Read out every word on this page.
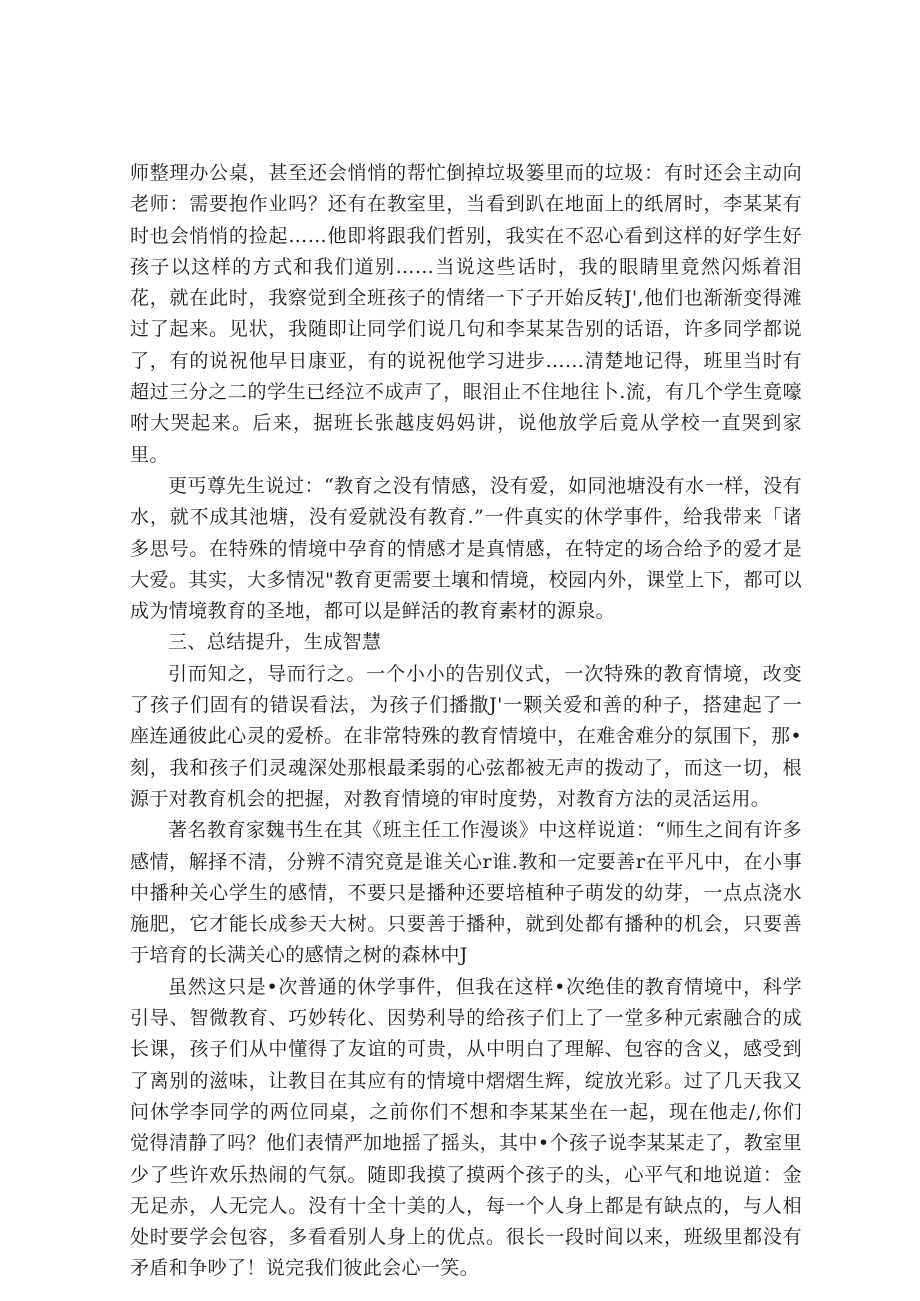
师整理办公桌，甚至还会悄悄的帮忙倒掉垃圾篓里而的垃圾：有时还会主动向老师：需要抱作业吗？还有在教室里，当看到趴在地面上的纸屑时，李某某有时也会悄悄的捡起……他即将跟我们哲别，我实在不忍心看到这样的好学生好孩子以这样的方式和我们道别……当说这些话时，我的眼睛里竟然闪烁着泪花，就在此时，我察觉到全班孩子的情绪一下子开始反转J',他们也渐渐变得滩过了起来。见状，我随即让同学们说几句和李某某告别的话语，许多同学都说了，有的说祝他早日康亚，有的说祝他学习进步……清楚地记得，班里当时有超过三分之二的学生已经泣不成声了，眼泪止不住地往卜.流，有几个学生竟嚎咐大哭起来。后来，据班长张越庋妈妈讲，说他放学后竟从学校一直哭到家里。

更丐尊先生说过：“教育之没有情感，没有爱，如同池塘没有水一样，没有水，就不成其池塘，没有爱就没有教育.”一件真实的休学事件，给我带来「诸多思号。在特殊的情境中孕育的情感才是真情感，在特定的场合给予的爱才是大爱。其实，大多情况"教育更需要土壤和情境，校园内外，课堂上下，都可以成为情境教育的圣地，都可以是鲜活的教育素材的源泉。

三、总结提升，生成智慧

引而知之，导而行之。一个小小的告别仪式，一次特殊的教育情境，改变了孩子们固有的错误看法，为孩子们播撒J'一颗关爱和善的种子，搭建起了一座连通彼此心灵的爱桥。在非常特殊的教育情境中，在难舍难分的氛围下，那•刻，我和孩子们灵魂深处那根最柔弱的心弦都被无声的拨动了，而这一切，根源于对教育机会的把握，对教育情境的审时度势，对教育方法的灵活运用。

著名教育家魏书生在其《班主任工作漫谈》中这样说道：“师生之间有许多感情，解择不清，分辨不清究竟是谁关心r谁.教和一定要善r在平凡中，在小事中播种关心学生的感情，不要只是播种还要培植种子萌发的幼芽，一点点浇水施肥，它才能长成参天大树。只要善于播种，就到处都有播种的机会，只要善于培育的长满关心的感情之树的森林中J

虽然这只是•次普通的休学事件，但我在这样•次绝佳的教育情境中，科学引导、智微教育、巧妙转化、因势利导的给孩子们上了一堂多种元索融合的成长课，孩子们从中懂得了友谊的可贵，从中明白了理解、包容的含义，感受到了离别的滋味，让教目在其应有的情境中熠熠生辉，绽放光彩。过了几天我又问休学李同学的两位同桌，之前你们不想和李某某坐在一起，现在他走/,你们觉得清静了吗？他们表情严加地摇了摇头，其中•个孩子说李某某走了，教室里少了些许欢乐热闹的气氛。随即我摸了摸两个孩子的头，心平气和地说道：金无足赤，人无完人。没有十全十美的人，每一个人身上都是有缺点的，与人相处时要学会包容，多看看别人身上的优点。很长一段时间以来，班级里都没有矛盾和争吵了！说完我们彼此会心一笑。
